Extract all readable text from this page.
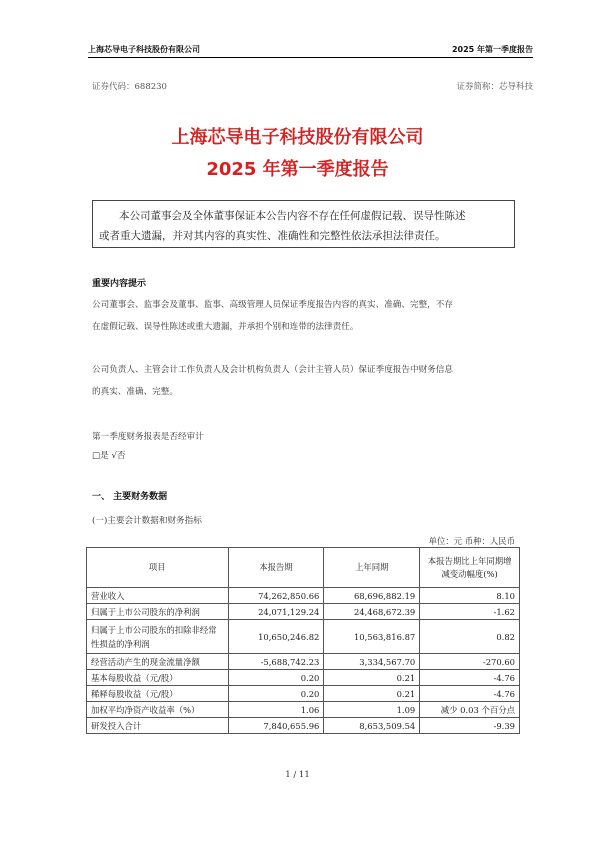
上海芯导电子科技股份有限公司	2025 年第一季度报告
证券代码：688230	证券简称：芯导科技
上海芯导电子科技股份有限公司
2025 年第一季度报告
本公司董事会及全体董事保证本公告内容不存在任何虚假记载、误导性陈述
或者重大遗漏，并对其内容的真实性、准确性和完整性依法承担法律责任。
重要内容提示
公司董事会、监事会及董事、监事、高级管理人员保证季度报告内容的真实、准确、完整，不存
在虚假记载、误导性陈述或重大遗漏，并承担个别和连带的法律责任。
公司负责人、主管会计工作负责人及会计机构负责人（会计主管人员）保证季度报告中财务信息
的真实、准确、完整。
第一季度财务报表是否经审计
□是 √否
一、 主要财务数据
(一)主要会计数据和财务指标
单位：元 币种：人民币
项目	本报告期	上年同期	本报告期比上年同期增减变动幅度(%)
营业收入	74,262,850.66	68,696,882.19	8.10
归属于上市公司股东的净利润	24,071,129.24	24,468,672.39	-1.62
归属于上市公司股东的扣除非经常性损益的净利润	10,650,246.82	10,563,816.87	0.82
经营活动产生的现金流量净额	-5,688,742.23	3,334,567.70	-270.60
基本每股收益（元/股）	0.20	0.21	-4.76
稀释每股收益（元/股）	0.20	0.21	-4.76
加权平均净资产收益率（%）	1.06	1.09	减少 0.03 个百分点
研发投入合计	7,840,655.96	8,653,509.54	-9.39
1 / 11
